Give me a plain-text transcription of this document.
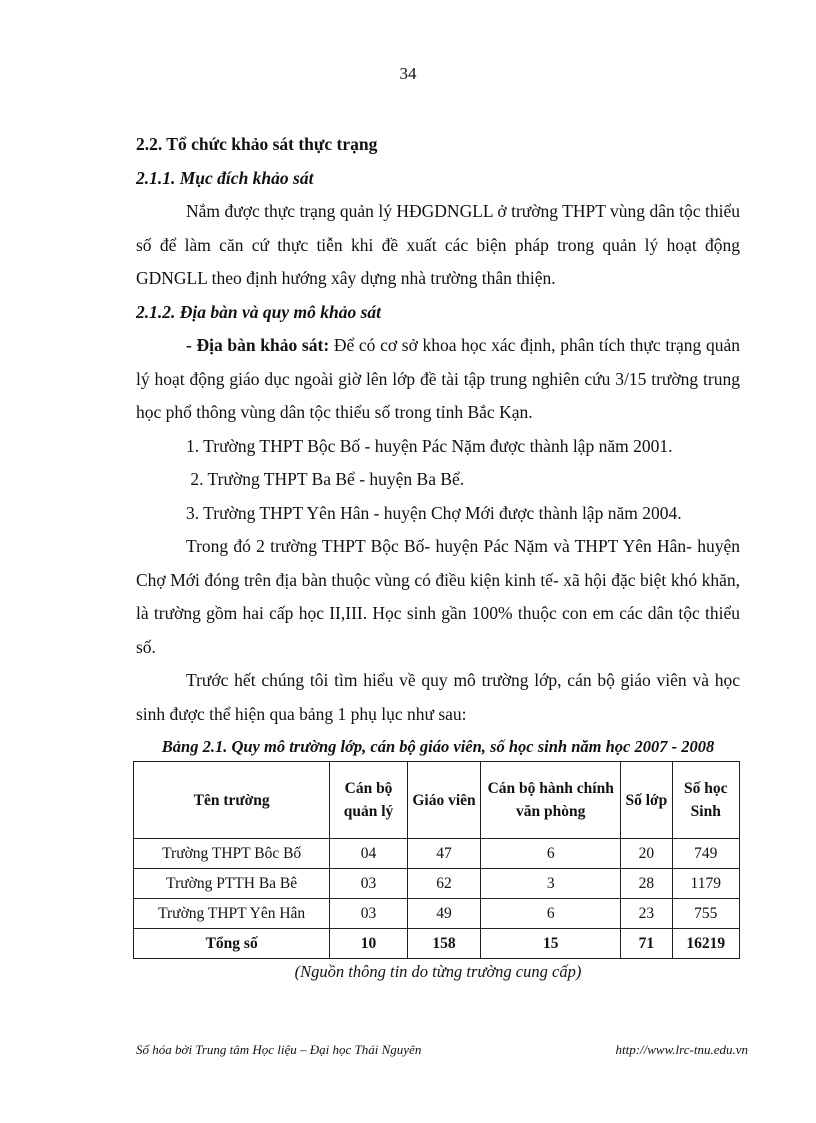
34

2.2. Tổ chức khảo sát thực trạng

2.1.1. Mục đích khảo sát

Nắm được thực trạng quản lý HĐGDNGLL ở trường THPT vùng dân tộc thiểu số để làm căn cứ thực tiễn khi đề xuất các biện pháp trong quản lý hoạt động GDNGLL theo định hướng xây dựng nhà trường thân thiện.

2.1.2. Địa bàn và quy mô khảo sát

- Địa bàn khảo sát: Để có cơ sở khoa học xác định, phân tích thực trạng quản lý hoạt động giáo dục ngoài giờ lên lớp đề tài tập trung nghiên cứu 3/15 trường trung học phổ thông vùng dân tộc thiểu số trong tỉnh Bắc Kạn.

1. Trường THPT Bộc Bố - huyện Pác Nặm được thành lập năm 2001.

2. Trường THPT Ba Bể - huyện Ba Bể.

3. Trường THPT Yên Hân - huyện Chợ Mới được thành lập năm 2004.

Trong đó 2 trường THPT Bộc Bố- huyện Pác Nặm và THPT Yên Hân- huyện Chợ Mới đóng trên địa bàn thuộc vùng có điều kiện kinh tế- xã hội đặc biệt khó khăn, là trường gồm hai cấp học II,III. Học sinh gần 100% thuộc con em các dân tộc thiểu số.

Trước hết chúng tôi tìm hiểu về quy mô trường lớp, cán bộ giáo viên và học sinh được thể hiện qua bảng 1 phụ lục như sau:

Bảng 2.1. Quy mô trường lớp, cán bộ giáo viên, số học sinh năm học 2007 - 2008
Tên trường	Cán bộ quản lý	Giáo viên	Cán bộ hành chính văn phòng	Số lớp	Số học Sinh
Trường THPT Bôc Bố	04	47	6	20	749
Trường PTTH Ba Bê	03	62	3	28	1179
Trường THPT Yên Hân	03	49	6	23	755
Tổng số	10	158	15	71	16219
(Nguồn thông tin do từng trường cung cấp)
Số hóa bởi Trung tâm Học liệu – Đại học Thái Nguyên	http://www.lrc-tnu.edu.vn
